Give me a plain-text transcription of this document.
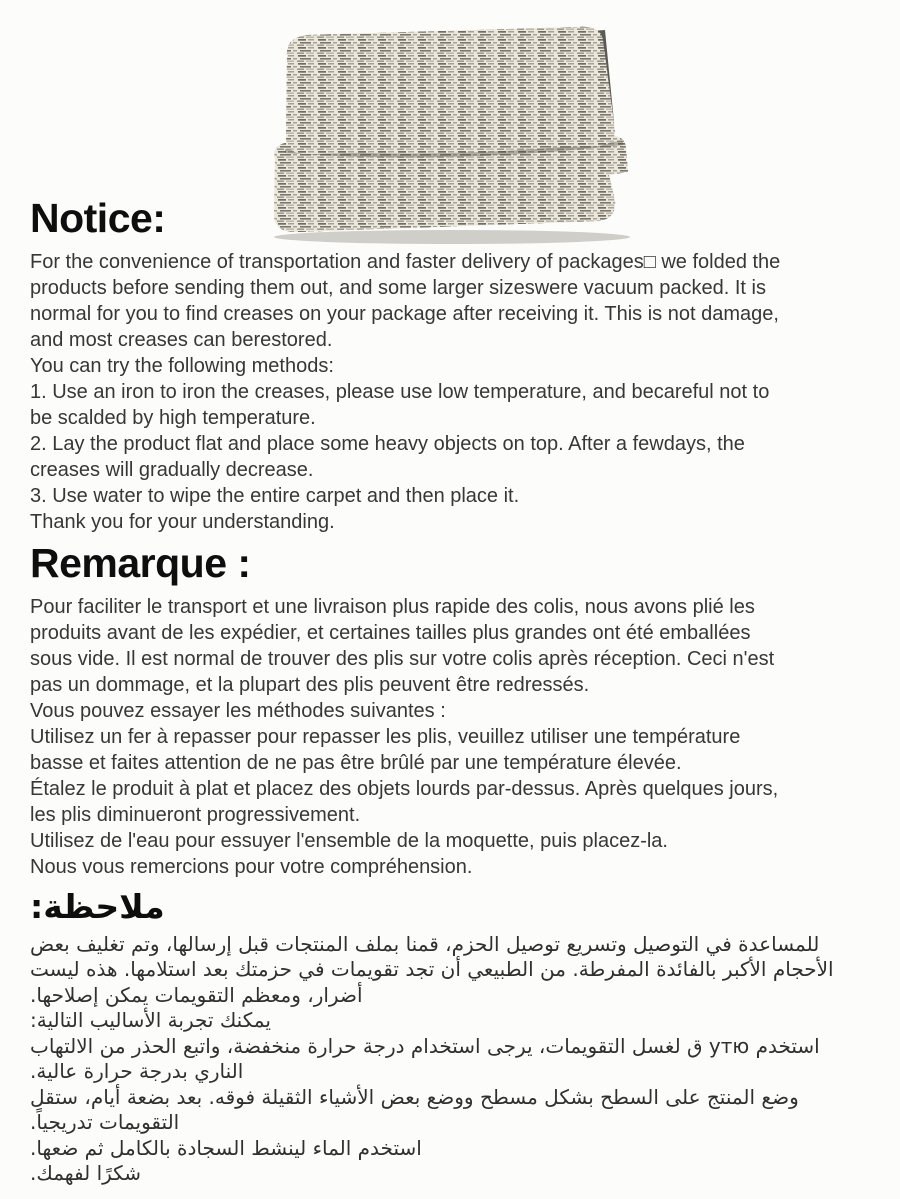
Notice:
For the convenience of transportation and faster delivery of packages□ we folded the
products before sending them out, and some larger sizeswere vacuum packed. It is
normal for you to find creases on your package after receiving it. This is not damage,
and most creases can berestored.
You can try the following methods:
1. Use an iron to iron the creases, please use low temperature, and becareful not to
be scalded by high temperature.
2. Lay the product flat and place some heavy objects on top. After a fewdays, the
creases will gradually decrease.
3. Use water to wipe the entire carpet and then place it.
Thank you for your understanding.
Remarque :
Pour faciliter le transport et une livraison plus rapide des colis, nous avons plié les
produits avant de les expédier, et certaines tailles plus grandes ont été emballées
sous vide. Il est normal de trouver des plis sur votre colis après réception. Ceci n'est
pas un dommage, et la plupart des plis peuvent être redressés.
Vous pouvez essayer les méthodes suivantes :
Utilisez un fer à repasser pour repasser les plis, veuillez utiliser une température
basse et faites attention de ne pas être brûlé par une température élevée.
Étalez le produit à plat et placez des objets lourds par-dessus. Après quelques jours,
les plis diminueront progressivement.
Utilisez de l'eau pour essuyer l'ensemble de la moquette, puis placez-la.
Nous vous remercions pour votre compréhension.
ملاحظة:
للمساعدة في التوصيل وتسريع توصيل الحزم، قمنا بملف المنتجات قبل إرسالها، وتم تغليف بعض
الأحجام الأكبر بالفائدة المفرطة. من الطبيعي أن تجد تقويمات في حزمتك بعد استلامها. هذه ليست
أضرار، ومعظم التقويمات يمكن إصلاحها.
يمكنك تجربة الأساليب التالية:
استخدم утю ق لغسل التقويمات، يرجى استخدام درجة حرارة منخفضة، واتبع الحذر من الالتهاب
الناري بدرجة حرارة عالية.
وضع المنتج على السطح بشكل مسطح ووضع بعض الأشياء الثقيلة فوقه. بعد بضعة أيام، ستقل
التقويمات تدريجياً.
استخدم الماء لينشط السجادة بالكامل ثم ضعها.
شكرًا لفهمك.
